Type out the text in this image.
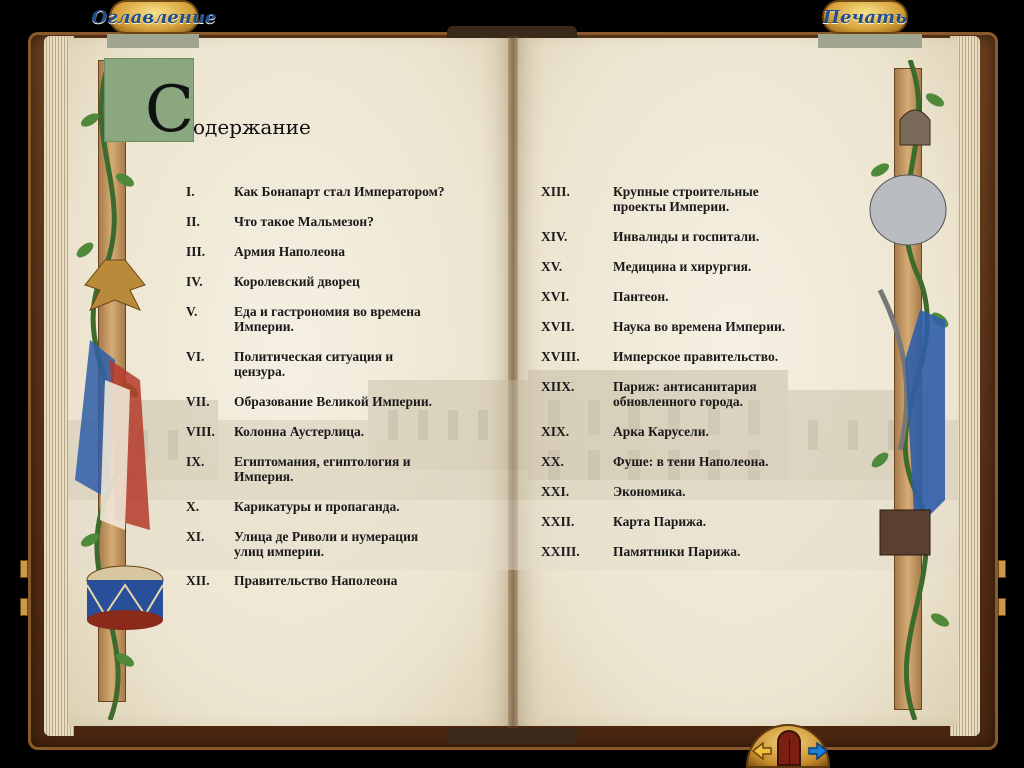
Оглавление	Печать
С одержание
I.	Как Бонапарт стал Императором?
II.	Что такое Мальмезон?
III.	Армия Наполеона
IV.	Королевский дворец
V.	Еда и гастрономия во времена
Империи.
VI.	Политическая ситуация и
цензура.
VII.	Образование Великой Империи.
VIII.	Колонна Аустерлица.
IX.	Египтомания, египтология и
Империя.
X.	Карикатуры и пропаганда.
XI.	Улица де Риволи и нумерация
улиц империи.
XII.	Правительство Наполеона
XIII.	Крупные строительные
проекты Империи.
XIV.	Инвалиды и госпитали.
XV.	Медицина и хирургия.
XVI.	Пантеон.
XVII.	Наука во времена Империи.
XVIII.	Имперское правительство.
XIIX.	Париж: антисанитария
обновленного города.
XIX.	Арка Карусели.
XX.	Фуше: в тени Наполеона.
XXI.	Экономика.
XXII.	Карта Парижа.
XXIII.	Памятники Парижа.
